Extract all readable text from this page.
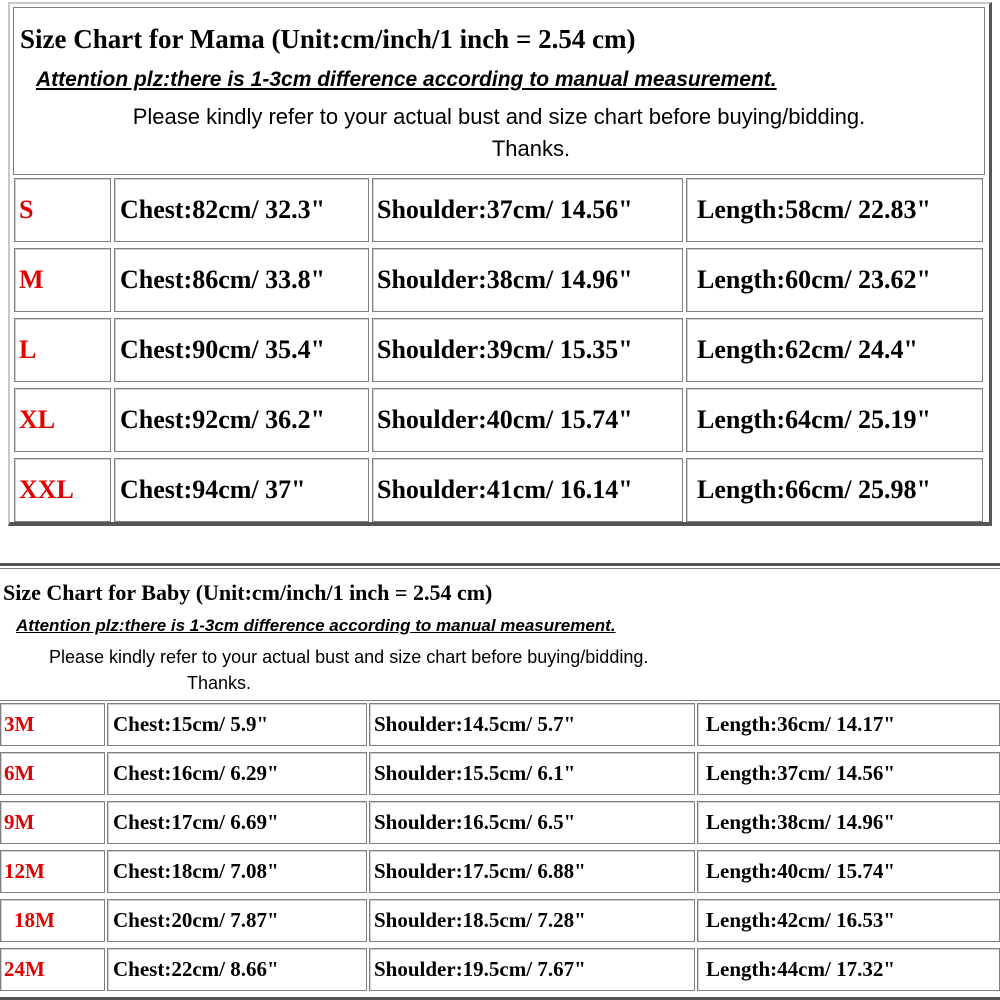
Size Chart for Mama (Unit:cm/inch/1 inch = 2.54 cm)
Attention plz:there is 1-3cm difference according to manual measurement.
Please kindly refer to your actual bust and size chart before buying/bidding.
Thanks.
S	Chest:82cm/ 32.3"	Shoulder:37cm/ 14.56"	Length:58cm/ 22.83"
M	Chest:86cm/ 33.8"	Shoulder:38cm/ 14.96"	Length:60cm/ 23.62"
L	Chest:90cm/ 35.4"	Shoulder:39cm/ 15.35"	Length:62cm/ 24.4"
XL	Chest:92cm/ 36.2"	Shoulder:40cm/ 15.74"	Length:64cm/ 25.19"
XXL	Chest:94cm/ 37"	Shoulder:41cm/ 16.14"	Length:66cm/ 25.98"
Size Chart for Baby (Unit:cm/inch/1 inch = 2.54 cm)
Attention plz:there is 1-3cm difference according to manual measurement.
Please kindly refer to your actual bust and size chart before buying/bidding.
Thanks.
3M	Chest:15cm/ 5.9"	Shoulder:14.5cm/ 5.7"	Length:36cm/ 14.17"
6M	Chest:16cm/ 6.29"	Shoulder:15.5cm/ 6.1"	Length:37cm/ 14.56"
9M	Chest:17cm/ 6.69"	Shoulder:16.5cm/ 6.5"	Length:38cm/ 14.96"
12M	Chest:18cm/ 7.08"	Shoulder:17.5cm/ 6.88"	Length:40cm/ 15.74"
18M	Chest:20cm/ 7.87"	Shoulder:18.5cm/ 7.28"	Length:42cm/ 16.53"
24M	Chest:22cm/ 8.66"	Shoulder:19.5cm/ 7.67"	Length:44cm/ 17.32"
